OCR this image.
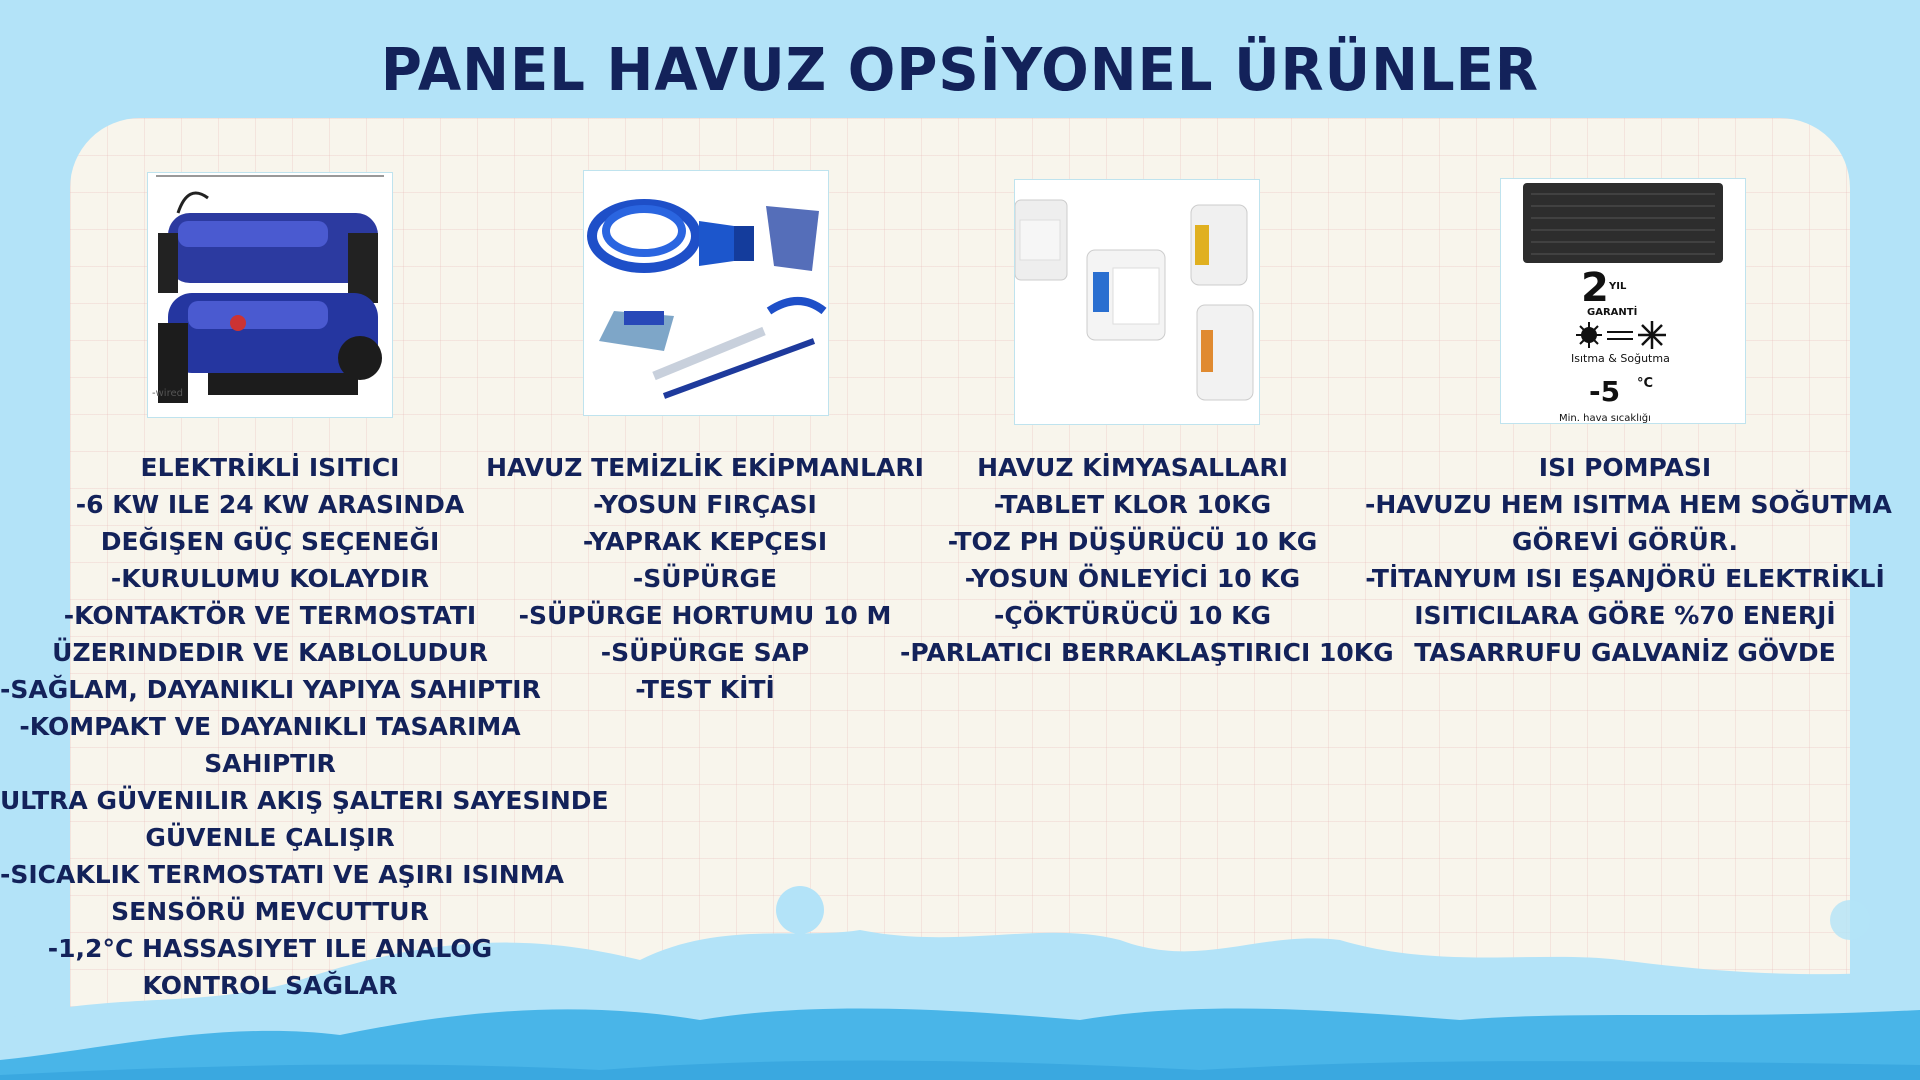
PANEL HAVUZ OPSİYONEL ÜRÜNLER
-wired
2 YIL
GARANTİ
Isıtma & Soğutma
-5 °C
Min. hava sıcaklığı
ELEKTRİKLİ ISITICI
-6 KW ILE 24 KW ARASINDA
DEĞIŞEN GÜÇ SEÇENEĞI
-KURULUMU KOLAYDIR
-KONTAKTÖR VE TERMOSTATI
ÜZERINDEDIR VE KABLOLUDUR
-SAĞLAM, DAYANIKLI YAPIYA SAHIPTIR
-KOMPAKT VE DAYANIKLI TASARIMA
SAHIPTIR
ULTRA GÜVENILIR AKIŞ ŞALTERI SAYESINDE
GÜVENLE ÇALIŞIR
-SICAKLIK TERMOSTATI VE AŞIRI ISINMA
SENSÖRÜ MEVCUTTUR
-1,2°C HASSASIYET ILE ANALOG
KONTROL SAĞLAR
HAVUZ TEMİZLİK EKİPMANLARI
-YOSUN FIRÇASI
-YAPRAK KEPÇESI
-SÜPÜRGE
-SÜPÜRGE HORTUMU 10 M
-SÜPÜRGE SAP
-TEST KİTİ
HAVUZ KİMYASALLARI
-TABLET KLOR 10KG
-TOZ PH DÜŞÜRÜCÜ 10 KG
-YOSUN ÖNLEYİCİ 10 KG
-ÇÖKTÜRÜCÜ 10 KG
-PARLATICI BERRAKLAŞTIRICI 10KG
ISI POMPASI
-HAVUZU HEM ISITMA HEM SOĞUTMA
GÖREVİ GÖRÜR.
-TİTANYUM ISI EŞANJÖRÜ ELEKTRİKLİ
ISITICILARA GÖRE %70 ENERJİ
TASARRUFU GALVANİZ GÖVDE
